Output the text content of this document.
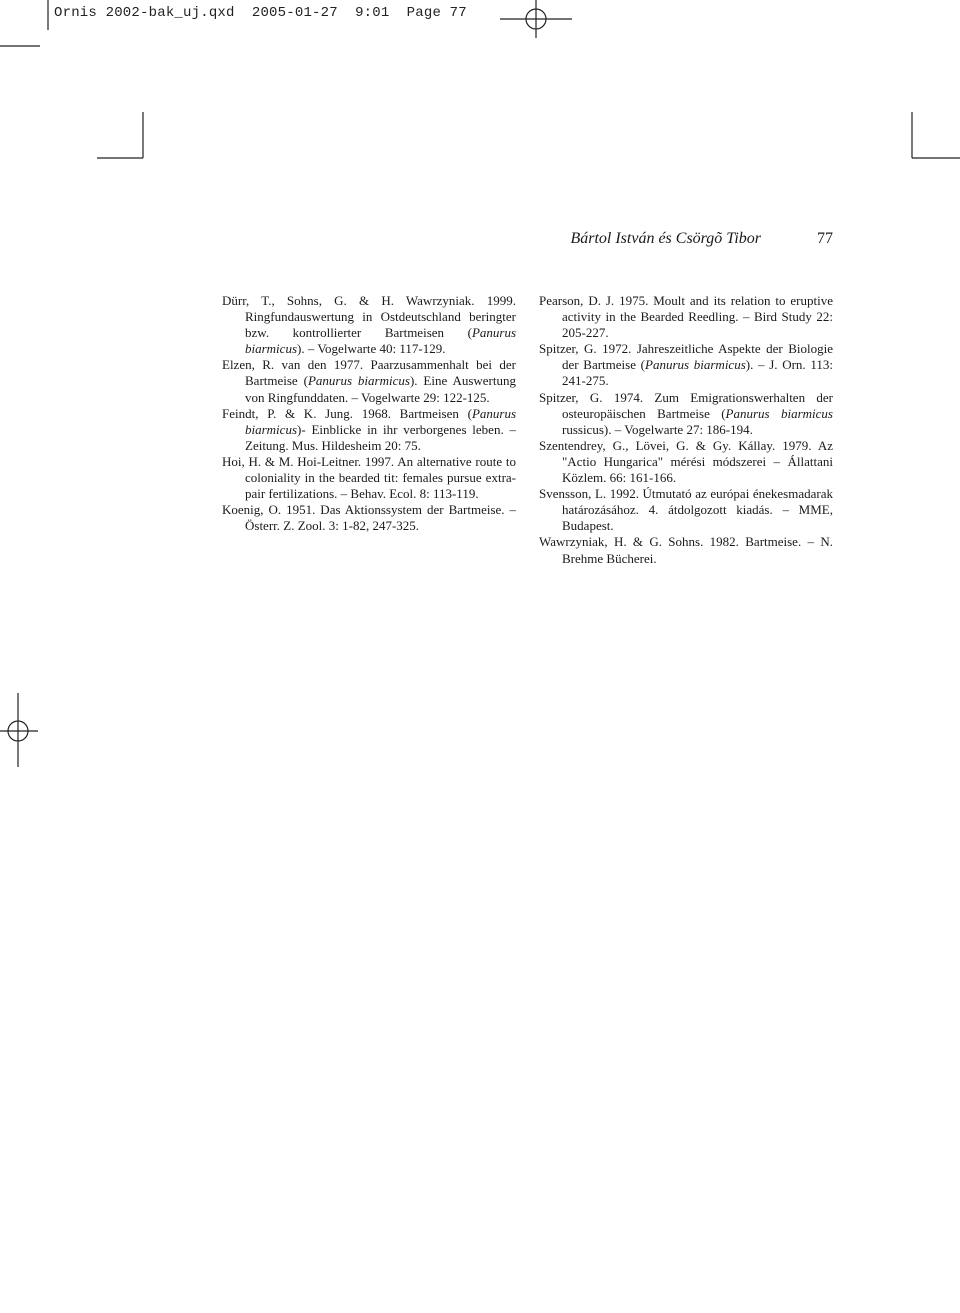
Ornis 2002-bak_uj.qxd 2005-01-27 9:01 Page 77
Bártol István és Csörgõ Tibor	77

Dürr, T., Sohns, G. & H. Wawrzyniak. 1999. Ringfundauswertung in Ostdeutschland beringter bzw. kontrollierter Bartmeisen (Panurus biarmicus). – Vogelwarte 40: 117-129.

Elzen, R. van den 1977. Paarzusammenhalt bei der Bartmeise (Panurus biarmicus). Eine Auswertung von Ringfunddaten. – Vogelwarte 29: 122-125.

Feindt, P. & K. Jung. 1968. Bartmeisen (Panurus biarmicus)- Einblicke in ihr verborgenes leben. – Zeitung. Mus. Hildesheim 20: 75.

Hoi, H. & M. Hoi-Leitner. 1997. An alternative route to coloniality in the bearded tit: females pursue extra-pair fertilizations. – Behav. Ecol. 8: 113-119.

Koenig, O. 1951. Das Aktionssystem der Bartmeise. – Österr. Z. Zool. 3: 1-82, 247-325.

Pearson, D. J. 1975. Moult and its relation to eruptive activity in the Bearded Reedling. – Bird Study 22: 205-227.

Spitzer, G. 1972. Jahreszeitliche Aspekte der Biologie der Bartmeise (Panurus biarmicus). – J. Orn. 113: 241-275.

Spitzer, G. 1974. Zum Emigrationswerhalten der osteuropäischen Bartmeise (Panurus biarmicus russicus). – Vogelwarte 27: 186-194.

Szentendrey, G., Lövei, G. & Gy. Kállay. 1979. Az "Actio Hungarica" mérési módszerei – Állattani Közlem. 66: 161-166.

Svensson, L. 1992. Útmutató az európai énekesmadarak határozásához. 4. átdolgozott kiadás. – MME, Budapest.

Wawrzyniak, H. & G. Sohns. 1982. Bartmeise. – N. Brehme Bücherei.
